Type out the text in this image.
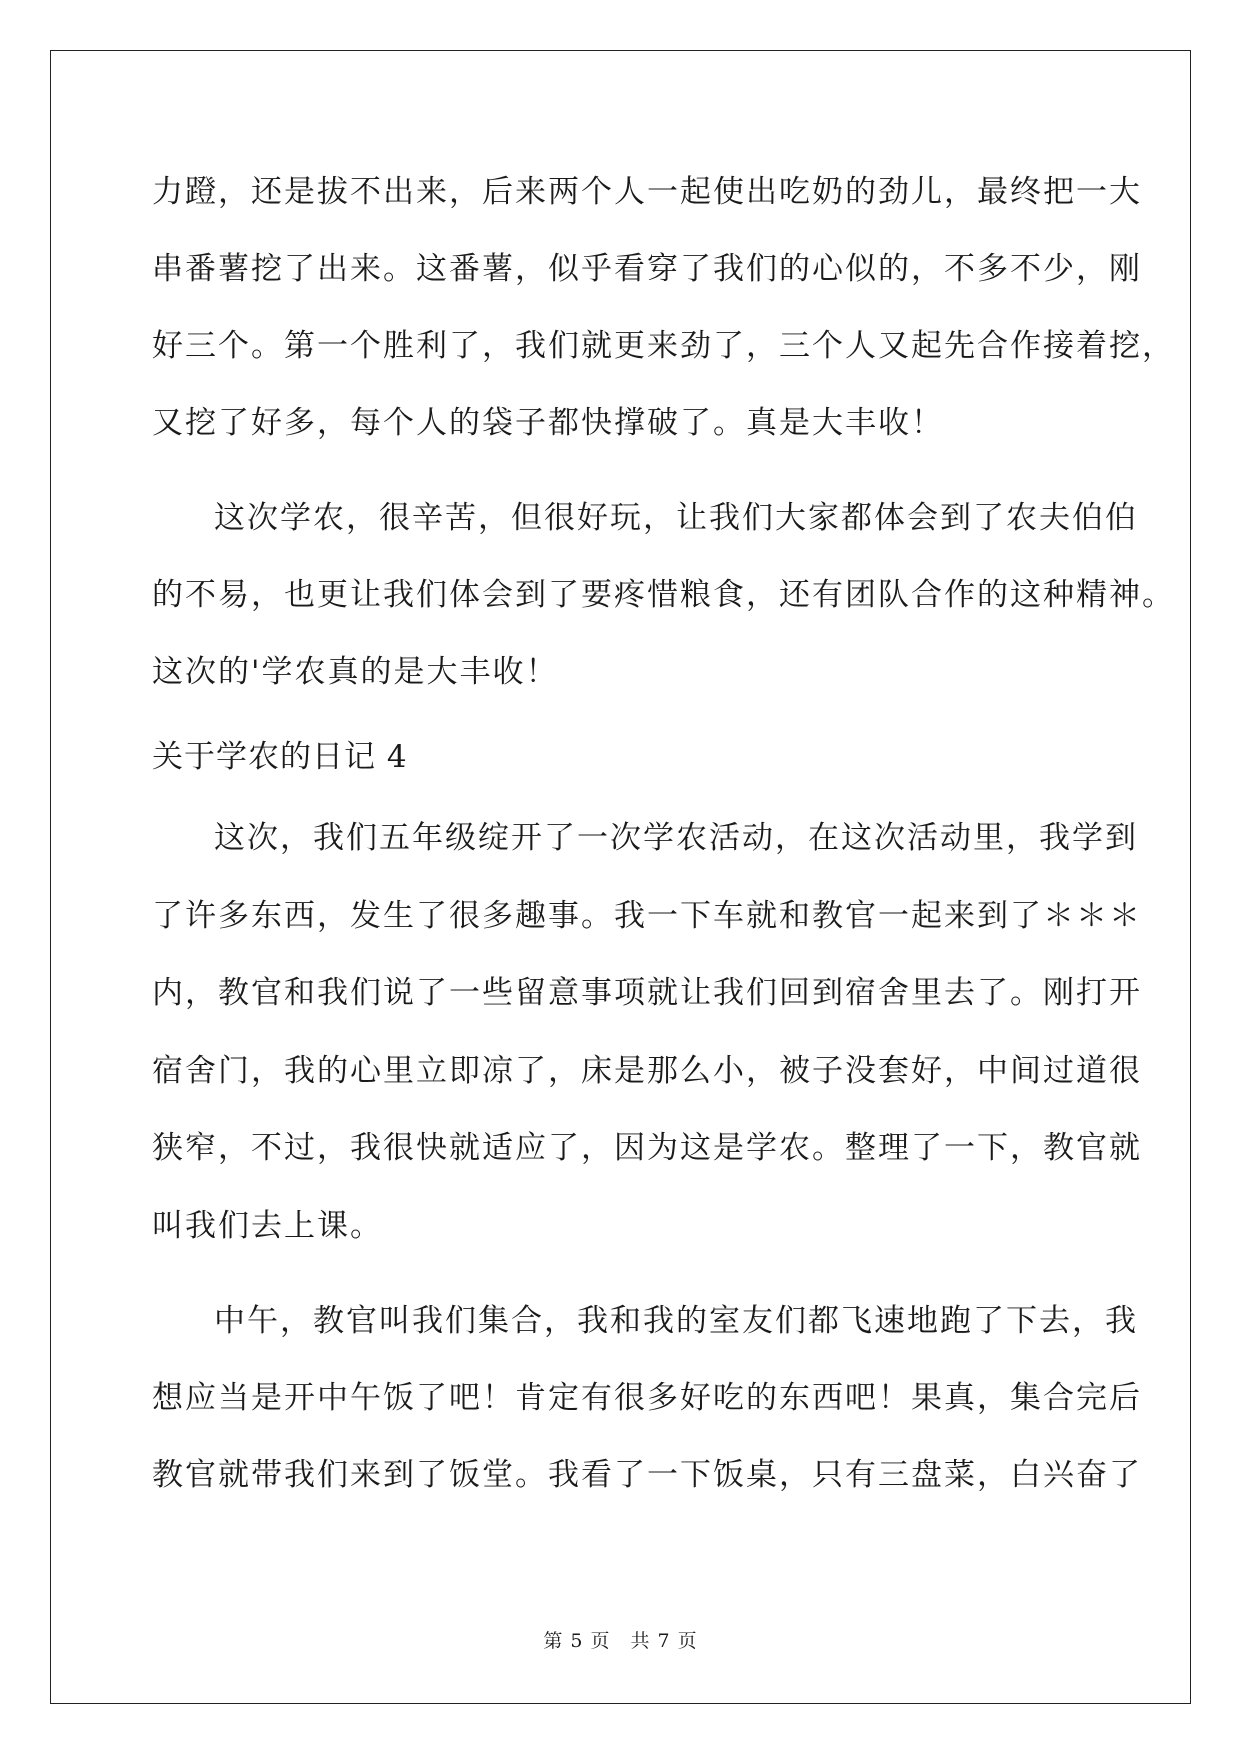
力蹬，还是拔不出来，后来两个人一起使出吃奶的劲儿，最终把一大
串番薯挖了出来。这番薯，似乎看穿了我们的心似的，不多不少，刚
好三个。第一个胜利了，我们就更来劲了，三个人又起先合作接着挖，
又挖了好多，每个人的袋子都快撑破了。真是大丰收！
这次学农，很辛苦，但很好玩，让我们大家都体会到了农夫伯伯
的不易，也更让我们体会到了要疼惜粮食，还有团队合作的这种精神。
这次的'学农真的是大丰收！
关于学农的日记 4
这次，我们五年级绽开了一次学农活动，在这次活动里，我学到
了许多东西，发生了很多趣事。我一下车就和教官一起来到了＊＊＊
内，教官和我们说了一些留意事项就让我们回到宿舍里去了。刚打开
宿舍门，我的心里立即凉了，床是那么小，被子没套好，中间过道很
狭窄，不过，我很快就适应了，因为这是学农。整理了一下，教官就
叫我们去上课。
中午，教官叫我们集合，我和我的室友们都飞速地跑了下去，我
想应当是开中午饭了吧！肯定有很多好吃的东西吧！果真，集合完后
教官就带我们来到了饭堂。我看了一下饭桌，只有三盘菜，白兴奋了
第 5 页　共 7 页
